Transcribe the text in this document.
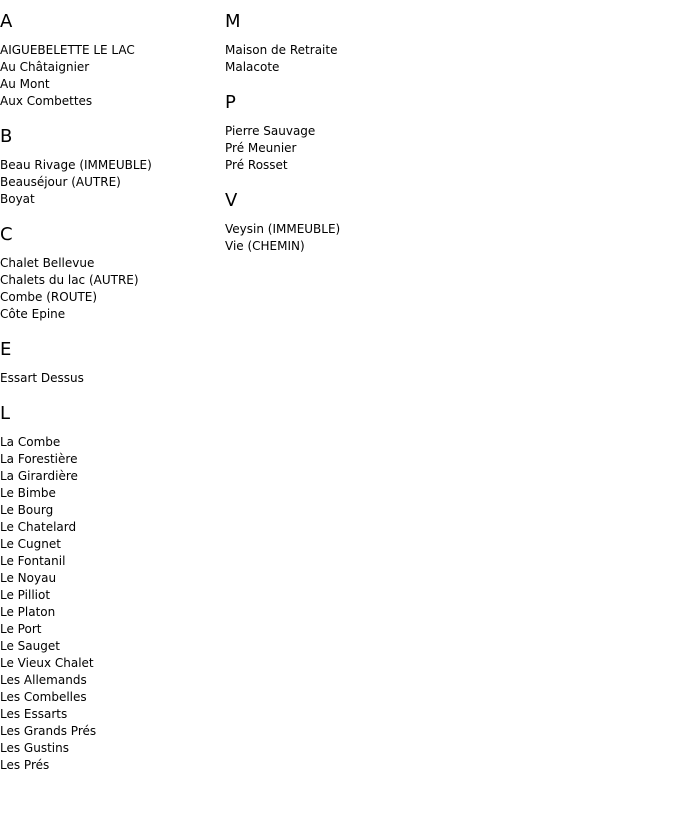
A
AIGUEBELETTE LE LAC
Au Châtaignier
Au Mont
Aux Combettes
B
Beau Rivage (IMMEUBLE)
Beauséjour (AUTRE)
Boyat
C
Chalet Bellevue
Chalets du lac (AUTRE)
Combe (ROUTE)
Côte Epine
E
Essart Dessus
L
La Combe
La Forestière
La Girardière
Le Bimbe
Le Bourg
Le Chatelard
Le Cugnet
Le Fontanil
Le Noyau
Le Pilliot
Le Platon
Le Port
Le Sauget
Le Vieux Chalet
Les Allemands
Les Combelles
Les Essarts
Les Grands Prés
Les Gustins
Les Prés
M
Maison de Retraite
Malacote
P
Pierre Sauvage
Pré Meunier
Pré Rosset
V
Veysin (IMMEUBLE)
Vie (CHEMIN)
